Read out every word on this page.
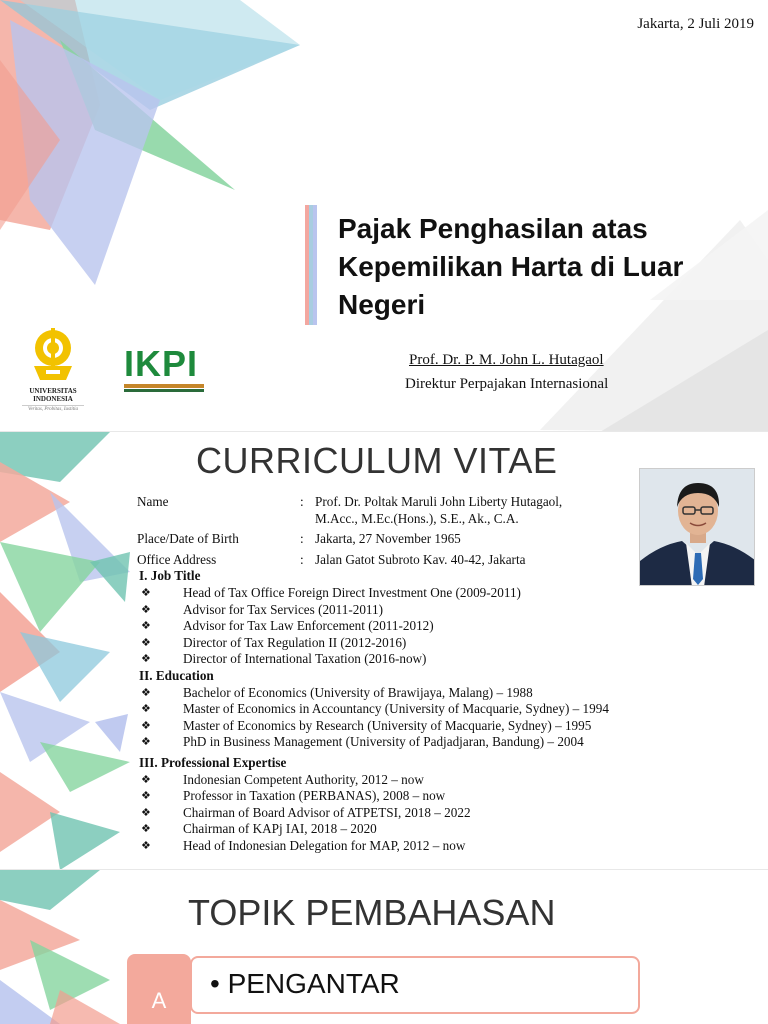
Jakarta, 2 Juli 2019
Pajak Penghasilan atas
Kepemilikan Harta di Luar
Negeri
Prof. Dr. P. M. John L. Hutagaol
Direktur Perpajakan Internasional
UNIVERSITAS
INDONESIA
Veritas, Probitas, Iustitia
IKPI
CURRICULUM VITAE
Name	: Prof. Dr. Poltak Maruli John Liberty Hutagaol,
M.Acc., M.Ec.(Hons.), S.E., Ak., C.A.
Place/Date of Birth	: Jakarta, 27 November 1965
Office Address	: Jalan Gatot Subroto Kav. 40-42, Jakarta
I. Job Title
❖	Head of Tax Office Foreign Direct Investment One (2009-2011)
❖	Advisor for Tax Services (2011-2011)
❖	Advisor for Tax Law Enforcement (2011-2012)
❖	Director of Tax Regulation II (2012-2016)
❖	Director of International Taxation (2016-now)
II. Education
❖	Bachelor of Economics (University of Brawijaya, Malang) – 1988
❖	Master of Economics in Accountancy (University of Macquarie, Sydney) – 1994
❖	Master of Economics by Research (University of Macquarie, Sydney) – 1995
❖	PhD in Business Management (University of Padjadjaran, Bandung) – 2004
III. Professional Expertise
❖	Indonesian Competent Authority, 2012 – now
❖	Professor in Taxation (PERBANAS), 2008 – now
❖	Chairman of Board Advisor of ATPETSI, 2018 – 2022
❖	Chairman of KAPj IAI, 2018 – 2020
❖	Head of Indonesian Delegation for MAP, 2012 – now
TOPIK PEMBAHASAN
A
• PENGANTAR
